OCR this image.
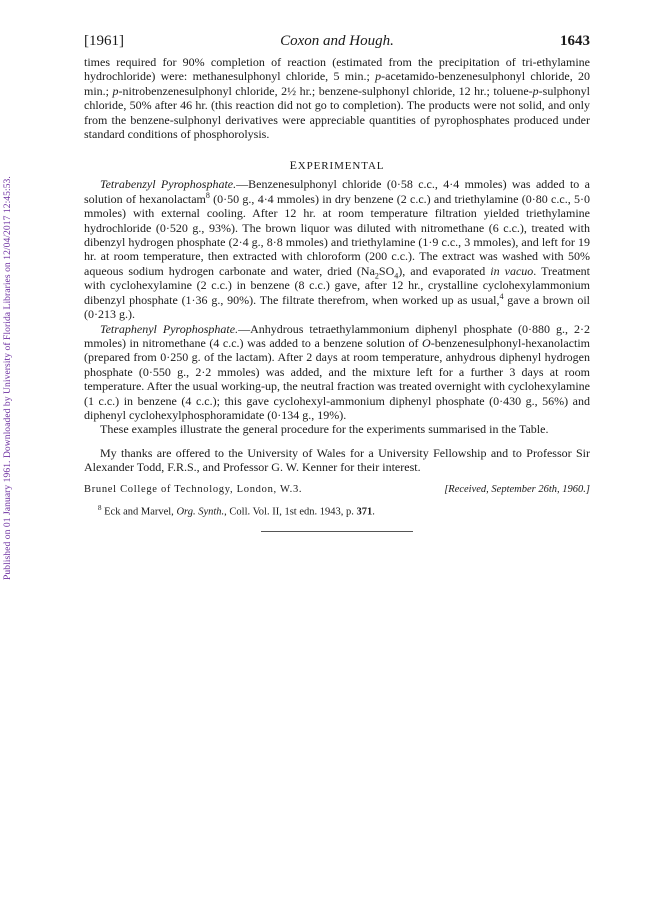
Published on 01 January 1961. Downloaded by University of Florida Libraries on 12/04/2017 12:45:53.
[1961]	Coxon and Hough.	1643

times required for 90% completion of reaction (estimated from the precipitation of tri-ethylamine hydrochloride) were: methanesulphonyl chloride, 5 min.; p-acetamido-benzenesulphonyl chloride, 20 min.; p-nitrobenzenesulphonyl chloride, 2½ hr.; benzene-sulphonyl chloride, 12 hr.; toluene-p-sulphonyl chloride, 50% after 46 hr. (this reaction did not go to completion). The products were not solid, and only from the benzene-sulphonyl derivatives were appreciable quantities of pyrophosphates produced under standard conditions of phosphorolysis.

EXPERIMENTAL

Tetrabenzyl Pyrophosphate.—Benzenesulphonyl chloride (0·58 c.c., 4·4 mmoles) was added to a solution of hexanolactam$^8$ (0·50 g., 4·4 mmoles) in dry benzene (2 c.c.) and triethylamine (0·80 c.c., 5·0 mmoles) with external cooling. After 12 hr. at room temperature filtration yielded triethylamine hydrochloride (0·520 g., 93%). The brown liquor was diluted with nitromethane (6 c.c.), treated with dibenzyl hydrogen phosphate (2·4 g., 8·8 mmoles) and triethylamine (1·9 c.c., 3 mmoles), and left for 19 hr. at room temperature, then extracted with chloroform (200 c.c.). The extract was washed with 50% aqueous sodium hydrogen carbonate and water, dried $(Na_2SO_4)$, and evaporated in vacuo. Treatment with cyclohexylamine (2 c.c.) in benzene (8 c.c.) gave, after 12 hr., crystalline cyclohexylammonium dibenzyl phosphate (1·36 g., 90%). The filtrate therefrom, when worked up as usual,$^4$ gave a brown oil (0·213 g.).

Tetraphenyl Pyrophosphate.—Anhydrous tetraethylammonium diphenyl phosphate (0·880 g., 2·2 mmoles) in nitromethane (4 c.c.) was added to a benzene solution of O-benzenesulphonyl-hexanolactim (prepared from 0·250 g. of the lactam). After 2 days at room temperature, anhydrous diphenyl hydrogen phosphate (0·550 g., 2·2 mmoles) was added, and the mixture left for a further 3 days at room temperature. After the usual working-up, the neutral fraction was treated overnight with cyclohexylamine (1 c.c.) in benzene (4 c.c.); this gave cyclohexyl-ammonium diphenyl phosphate (0·430 g., 56%) and diphenyl cyclohexylphosphoramidate (0·134 g., 19%).

These examples illustrate the general procedure for the experiments summarised in the Table.

My thanks are offered to the University of Wales for a University Fellowship and to Professor Sir Alexander Todd, F.R.S., and Professor G. W. Kenner for their interest.

Brunel College of Technology, London, W.3.	[Received, September 26th, 1960.]
$^8$ Eck and Marvel, Org. Synth., Coll. Vol. II, 1st edn. 1943, p. 371.
